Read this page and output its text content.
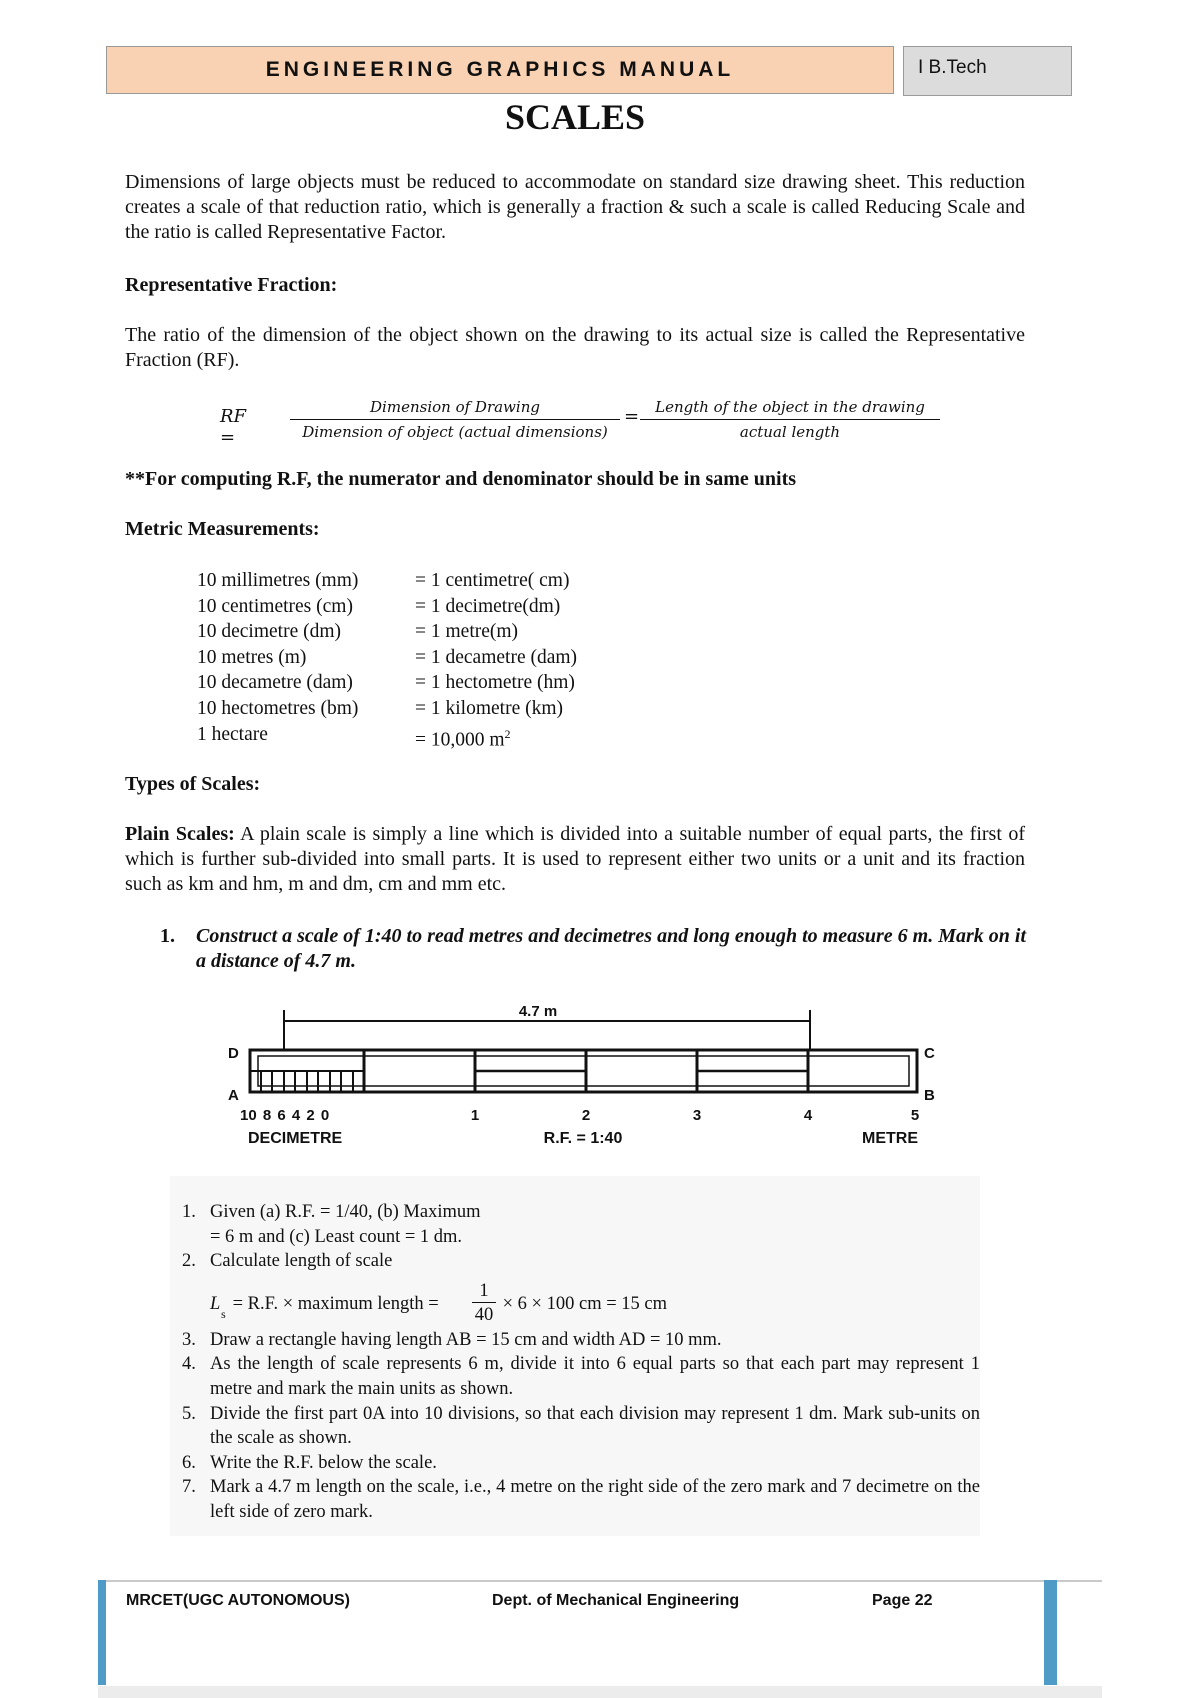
ENGINEERING GRAPHICS MANUAL	I B.Tech
SCALES
Dimensions of large objects must be reduced to accommodate on standard size drawing sheet. This reduction creates a scale of that reduction ratio, which is generally a fraction & such a scale is called Reducing Scale and the ratio is called Representative Factor.
Representative Fraction:
The ratio of the dimension of the object shown on the drawing to its actual size is called the Representative Fraction (RF).
RF =
Dimension of Drawing
Dimension of object (actual dimensions)
=	Length of the object in the drawing
actual length
**For computing R.F, the numerator and denominator should be in same units
Metric Measurements:
10 millimetres (mm)	= 1 centimetre( cm)
10 centimetres (cm)	= 1 decimetre(dm)
10 decimetre (dm)	= 1 metre(m)
10 metres (m)	= 1 decametre (dam)
10 decametre (dam)	= 1 hectometre (hm)
10 hectometres (bm)	= 1 kilometre (km)
1 hectare	= 10,000 $m^2$
Types of Scales:
Plain Scales: A plain scale is simply a line which is divided into a suitable number of equal parts, the first of which is further sub-divided into small parts. It is used to represent either two units or a unit and its fraction such as km and hm, m and dm, cm and mm etc.
1. Construct a scale of 1:40 to read metres and decimetres and long enough to measure 6 m. Mark on it a distance of 4.7 m.
4.7 m
D
A
C
B
10 8 6 4 2 0	1	2	3	4	5
DECIMETRE	R.F. = 1:40	METRE
1. Given (a) R.F. = 1/40, (b) Maximum
= 6 m and (c) Least count = 1 dm.
2. Calculate length of scale
L s = R.F. × maximum length =
1
40
× 6 × 100 cm = 15 cm
3. Draw a rectangle having length AB = 15 cm and width AD = 10 mm.
4. As the length of scale represents 6 m, divide it into 6 equal parts so that each part may represent 1 metre and mark the main units as shown.
5. Divide the first part 0A into 10 divisions, so that each division may represent 1 dm. Mark sub-units on the scale as shown.
6. Write the R.F. below the scale.
7. Mark a 4.7 m length on the scale, i.e., 4 metre on the right side of the zero mark and 7 decimetre on the left side of zero mark.
MRCET(UGC AUTONOMOUS)	Dept. of Mechanical Engineering	Page 22
